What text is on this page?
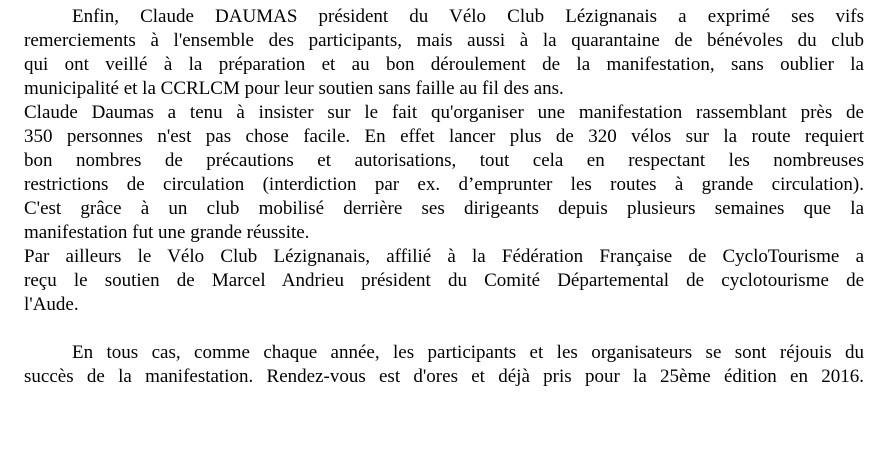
Enfin, Claude DAUMAS président du Vélo Club Lézignanais a exprimé ses vifs
remerciements à l'ensemble des participants, mais aussi à la quarantaine de bénévoles du club
qui ont veillé à la préparation et au bon déroulement de la manifestation, sans oublier la
municipalité et la CCRLCM pour leur soutien sans faille au fil des ans.
Claude Daumas a tenu à insister sur le fait qu'organiser une manifestation rassemblant près de
350 personnes n'est pas chose facile. En effet lancer plus de 320 vélos sur la route requiert
bon nombres de précautions et autorisations, tout cela en respectant les nombreuses
restrictions de circulation (interdiction par ex. d’emprunter les routes à grande circulation).
C'est grâce à un club mobilisé derrière ses dirigeants depuis plusieurs semaines que la
manifestation fut une grande réussite.
Par ailleurs le Vélo Club Lézignanais, affilié à la Fédération Française de CycloTourisme a
reçu le soutien de Marcel Andrieu président du Comité Départemental de cyclotourisme de
l'Aude.
En tous cas, comme chaque année, les participants et les organisateurs se sont réjouis du
succès de la manifestation. Rendez-vous est d'ores et déjà pris pour la 25ème édition en 2016.
